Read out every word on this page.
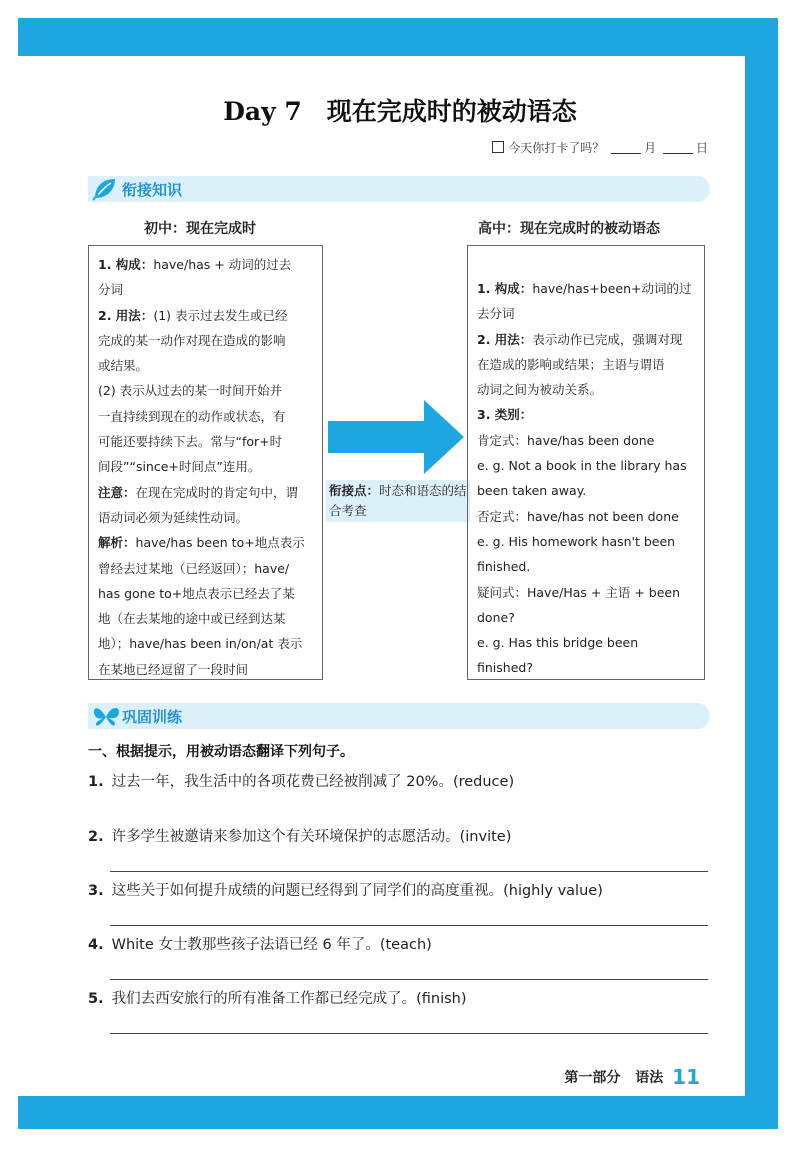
Day 7　现在完成时的被动语态
今天你打卡了吗？	月	日
衔接知识
初中：现在完成时	高中：现在完成时的被动语态

1. 构成：have/has + 动词的过去

分词

2. 用法：(1) 表示过去发生或已经

完成的某一动作对现在造成的影响

或结果。

(2) 表示从过去的某一时间开始并

一直持续到现在的动作或状态，有

可能还要持续下去。常与“for+时

间段”“since+时间点”连用。

注意：在现在完成时的肯定句中，谓

语动词必须为延续性动词。

解析：have/has been to+地点表示

曾经去过某地（已经返回）；have/

has gone to+地点表示已经去了某

地（在去某地的途中或已经到达某

地）；have/has been in/on/at 表示

在某地已经逗留了一段时间

衔接点：时态和语态的结合考查

1. 构成：have/has+been+动词的过

去分词

2. 用法：表示动作已完成，强调对现

在造成的影响或结果；主语与谓语

动词之间为被动关系。

3. 类别：

肯定式：have/has been done

e. g. Not a book in the library has

been taken away.

否定式：have/has not been done

e. g. His homework hasn't been

finished.

疑问式：Have/Has + 主语 + been

done?

e. g. Has this bridge been finished?

巩固训练
一、根据提示，用被动语态翻译下列句子。
1. 过去一年，我生活中的各项花费已经被削减了 20%。(reduce)
2. 许多学生被邀请来参加这个有关环境保护的志愿活动。(invite)
3. 这些关于如何提升成绩的问题已经得到了同学们的高度重视。(highly value)
4. White 女士教那些孩子法语已经 6 年了。(teach)
5. 我们去西安旅行的所有准备工作都已经完成了。(finish)
第一部分 语法 11
